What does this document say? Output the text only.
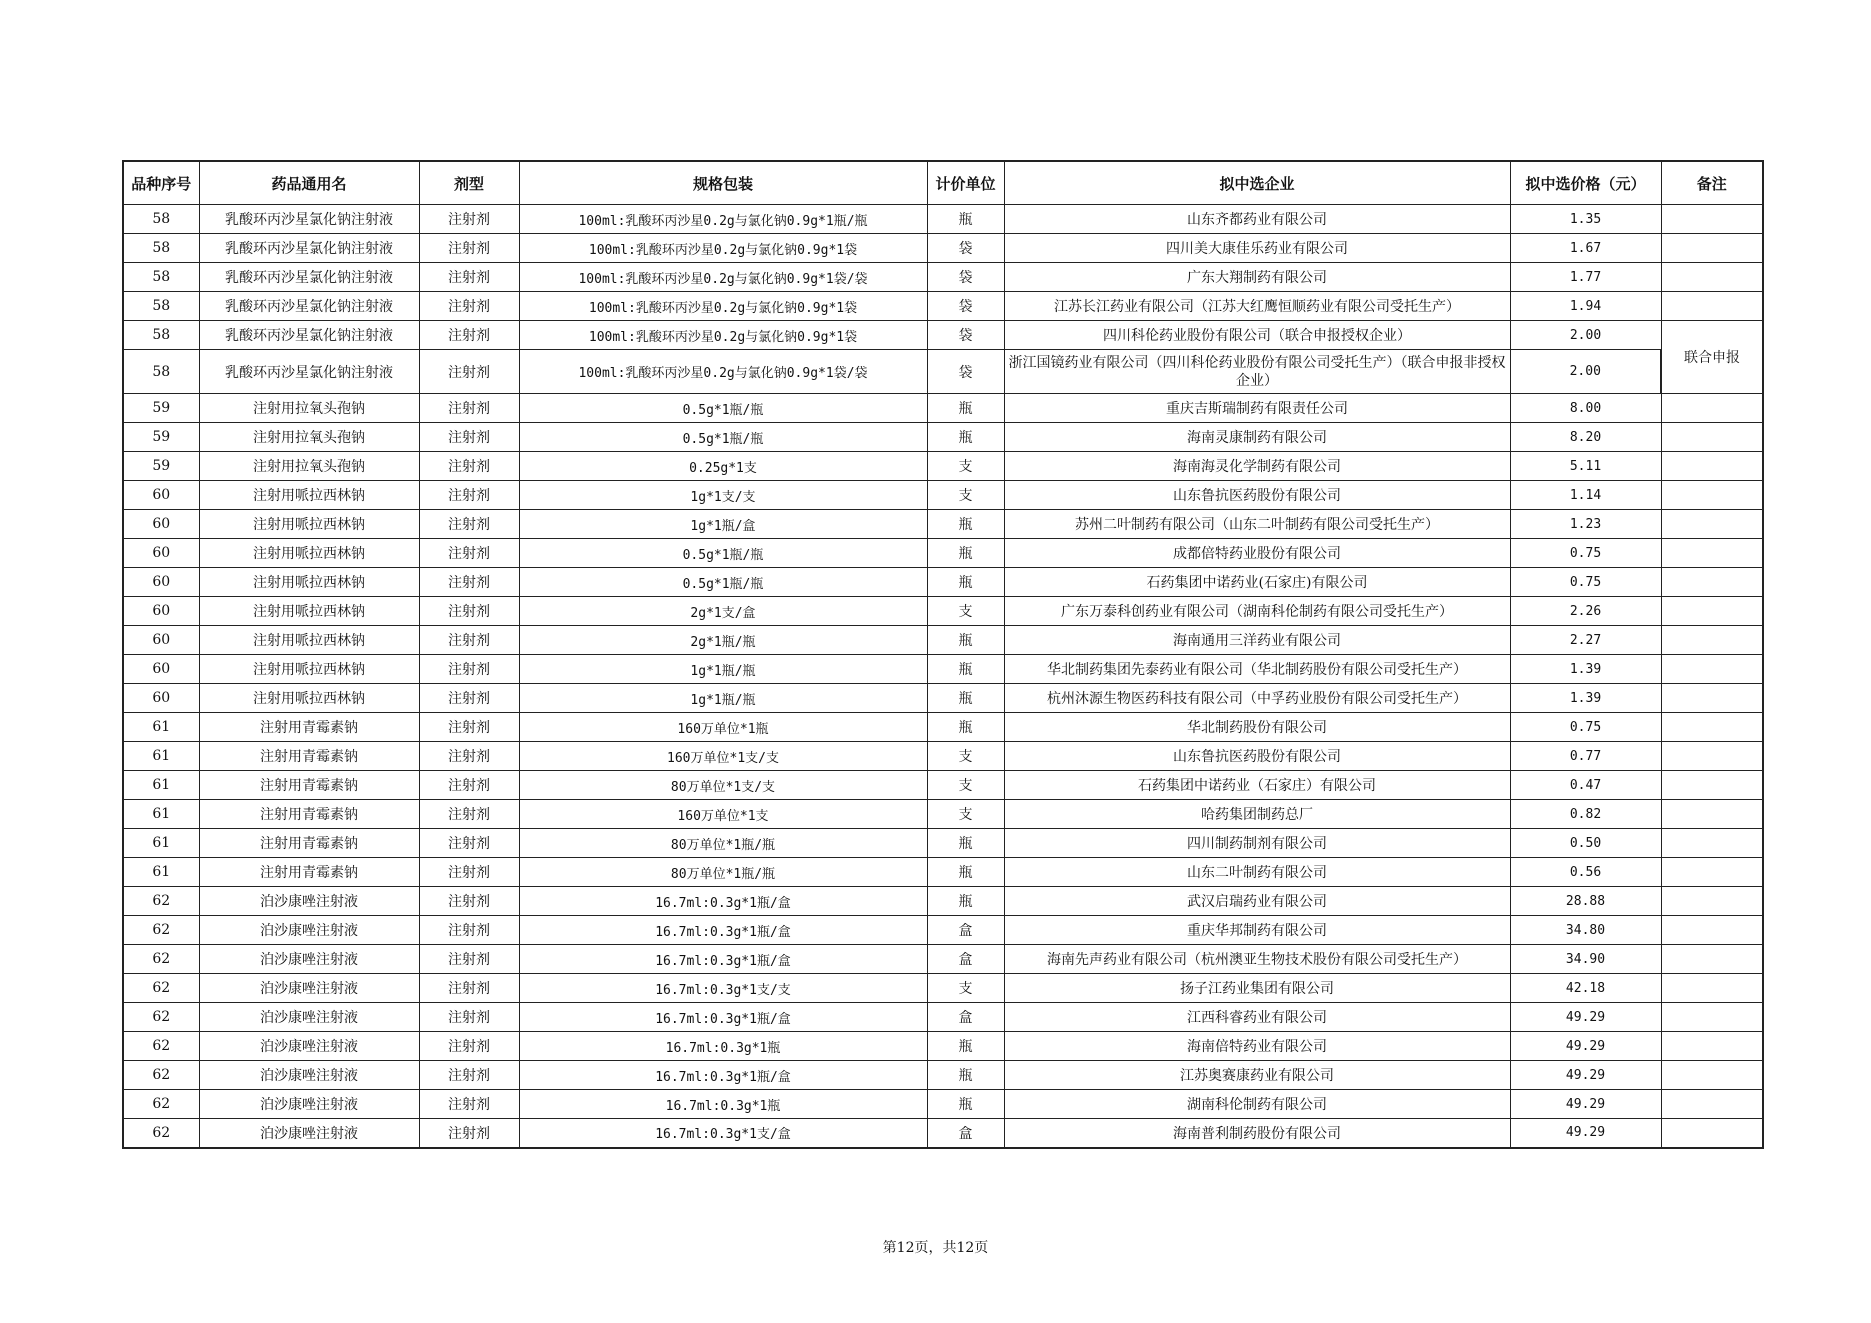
品种序号	药品通用名	剂型	规格包装	计价单位	拟中选企业	拟中选价格（元）	备注
58	乳酸环丙沙星氯化钠注射液	注射剂	100ml:乳酸环丙沙星0.2g与氯化钠0.9g*1瓶/瓶	瓶	山东齐都药业有限公司	1.35	
58	乳酸环丙沙星氯化钠注射液	注射剂	100ml:乳酸环丙沙星0.2g与氯化钠0.9g*1袋	袋	四川美大康佳乐药业有限公司	1.67	
58	乳酸环丙沙星氯化钠注射液	注射剂	100ml:乳酸环丙沙星0.2g与氯化钠0.9g*1袋/袋	袋	广东大翔制药有限公司	1.77	
58	乳酸环丙沙星氯化钠注射液	注射剂	100ml:乳酸环丙沙星0.2g与氯化钠0.9g*1袋	袋	江苏长江药业有限公司（江苏大红鹰恒顺药业有限公司受托生产）	1.94	
58	乳酸环丙沙星氯化钠注射液	注射剂	100ml:乳酸环丙沙星0.2g与氯化钠0.9g*1袋	袋	四川科伦药业股份有限公司（联合申报授权企业）	2.00	联合申报
58	乳酸环丙沙星氯化钠注射液	注射剂	100ml:乳酸环丙沙星0.2g与氯化钠0.9g*1袋/袋	袋	浙江国镜药业有限公司（四川科伦药业股份有限公司受托生产）（联合申报非授权企业）	2.00	
59	注射用拉氧头孢钠	注射剂	0.5g*1瓶/瓶	瓶	重庆吉斯瑞制药有限责任公司	8.00	
59	注射用拉氧头孢钠	注射剂	0.5g*1瓶/瓶	瓶	海南灵康制药有限公司	8.20	
59	注射用拉氧头孢钠	注射剂	0.25g*1支	支	海南海灵化学制药有限公司	5.11	
60	注射用哌拉西林钠	注射剂	1g*1支/支	支	山东鲁抗医药股份有限公司	1.14	
60	注射用哌拉西林钠	注射剂	1g*1瓶/盒	瓶	苏州二叶制药有限公司（山东二叶制药有限公司受托生产）	1.23	
60	注射用哌拉西林钠	注射剂	0.5g*1瓶/瓶	瓶	成都倍特药业股份有限公司	0.75	
60	注射用哌拉西林钠	注射剂	0.5g*1瓶/瓶	瓶	石药集团中诺药业(石家庄)有限公司	0.75	
60	注射用哌拉西林钠	注射剂	2g*1支/盒	支	广东万泰科创药业有限公司（湖南科伦制药有限公司受托生产）	2.26	
60	注射用哌拉西林钠	注射剂	2g*1瓶/瓶	瓶	海南通用三洋药业有限公司	2.27	
60	注射用哌拉西林钠	注射剂	1g*1瓶/瓶	瓶	华北制药集团先泰药业有限公司（华北制药股份有限公司受托生产）	1.39	
60	注射用哌拉西林钠	注射剂	1g*1瓶/瓶	瓶	杭州沐源生物医药科技有限公司（中孚药业股份有限公司受托生产）	1.39	
61	注射用青霉素钠	注射剂	160万单位*1瓶	瓶	华北制药股份有限公司	0.75	
61	注射用青霉素钠	注射剂	160万单位*1支/支	支	山东鲁抗医药股份有限公司	0.77	
61	注射用青霉素钠	注射剂	80万单位*1支/支	支	石药集团中诺药业（石家庄）有限公司	0.47	
61	注射用青霉素钠	注射剂	160万单位*1支	支	哈药集团制药总厂	0.82	
61	注射用青霉素钠	注射剂	80万单位*1瓶/瓶	瓶	四川制药制剂有限公司	0.50	
61	注射用青霉素钠	注射剂	80万单位*1瓶/瓶	瓶	山东二叶制药有限公司	0.56	
62	泊沙康唑注射液	注射剂	16.7ml:0.3g*1瓶/盒	瓶	武汉启瑞药业有限公司	28.88	
62	泊沙康唑注射液	注射剂	16.7ml:0.3g*1瓶/盒	盒	重庆华邦制药有限公司	34.80	
62	泊沙康唑注射液	注射剂	16.7ml:0.3g*1瓶/盒	盒	海南先声药业有限公司（杭州澳亚生物技术股份有限公司受托生产）	34.90	
62	泊沙康唑注射液	注射剂	16.7ml:0.3g*1支/支	支	扬子江药业集团有限公司	42.18	
62	泊沙康唑注射液	注射剂	16.7ml:0.3g*1瓶/盒	盒	江西科睿药业有限公司	49.29	
62	泊沙康唑注射液	注射剂	16.7ml:0.3g*1瓶	瓶	海南倍特药业有限公司	49.29	
62	泊沙康唑注射液	注射剂	16.7ml:0.3g*1瓶/盒	瓶	江苏奥赛康药业有限公司	49.29	
62	泊沙康唑注射液	注射剂	16.7ml:0.3g*1瓶	瓶	湖南科伦制药有限公司	49.29	
62	泊沙康唑注射液	注射剂	16.7ml:0.3g*1支/盒	盒	海南普利制药股份有限公司	49.29	
第12页，共12页
